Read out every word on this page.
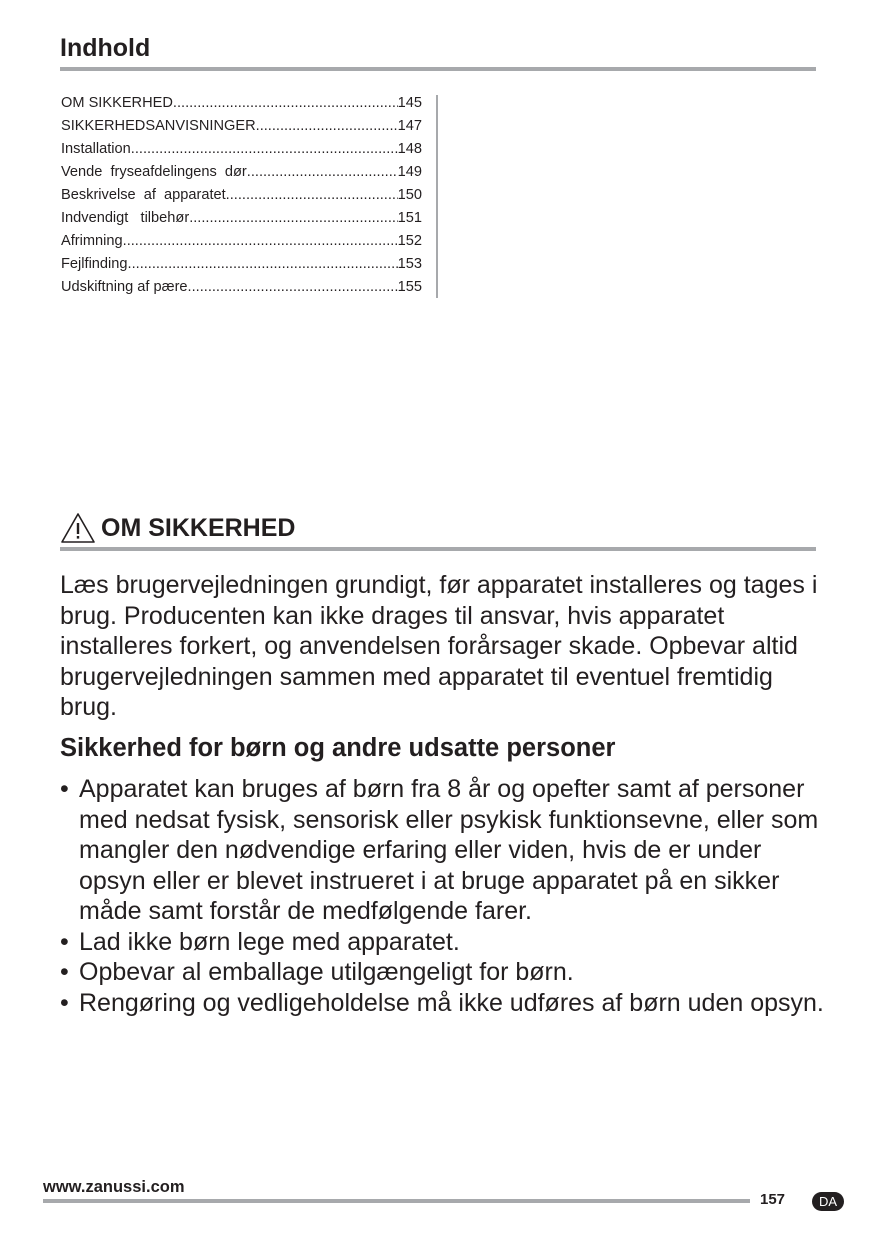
Indhold
OM SIKKERHED .....	145
SIKKERHEDSANVISNINGER .....	147
Installation .....	148
Vende  fryseafdelingens  dør .....	149
Beskrivelse  af  apparatet .....	150
Indvendigt   tilbehør .....	151
Afrimning .....	152
Fejlfinding .....	153
Udskiftning af pære .....	155
OM SIKKERHED

Læs brugervejledningen grundigt, før apparatet installeres og tages i brug. Producenten kan ikke drages til ansvar, hvis apparatet installeres forkert, og anvendelsen forårsager skade. Opbevar altid brugervejledningen sammen med apparatet til eventuel fremtidig brug.

Sikkerhed for børn og andre udsatte personer
• Apparatet kan bruges af børn fra 8 år og opefter samt af personer med nedsat fysisk, sensorisk eller psykisk funktionsevne, eller som mangler den nødvendige erfaring eller viden, hvis de er under opsyn eller er blevet instrueret i at bruge apparatet på en sikker måde samt forstår de medfølgende farer.
• Lad ikke børn lege med apparatet.
• Opbevar al emballage utilgængeligt for børn.
• Rengøring og vedligeholdelse må ikke udføres af børn uden opsyn.
www.zanussi.com
157	DA
